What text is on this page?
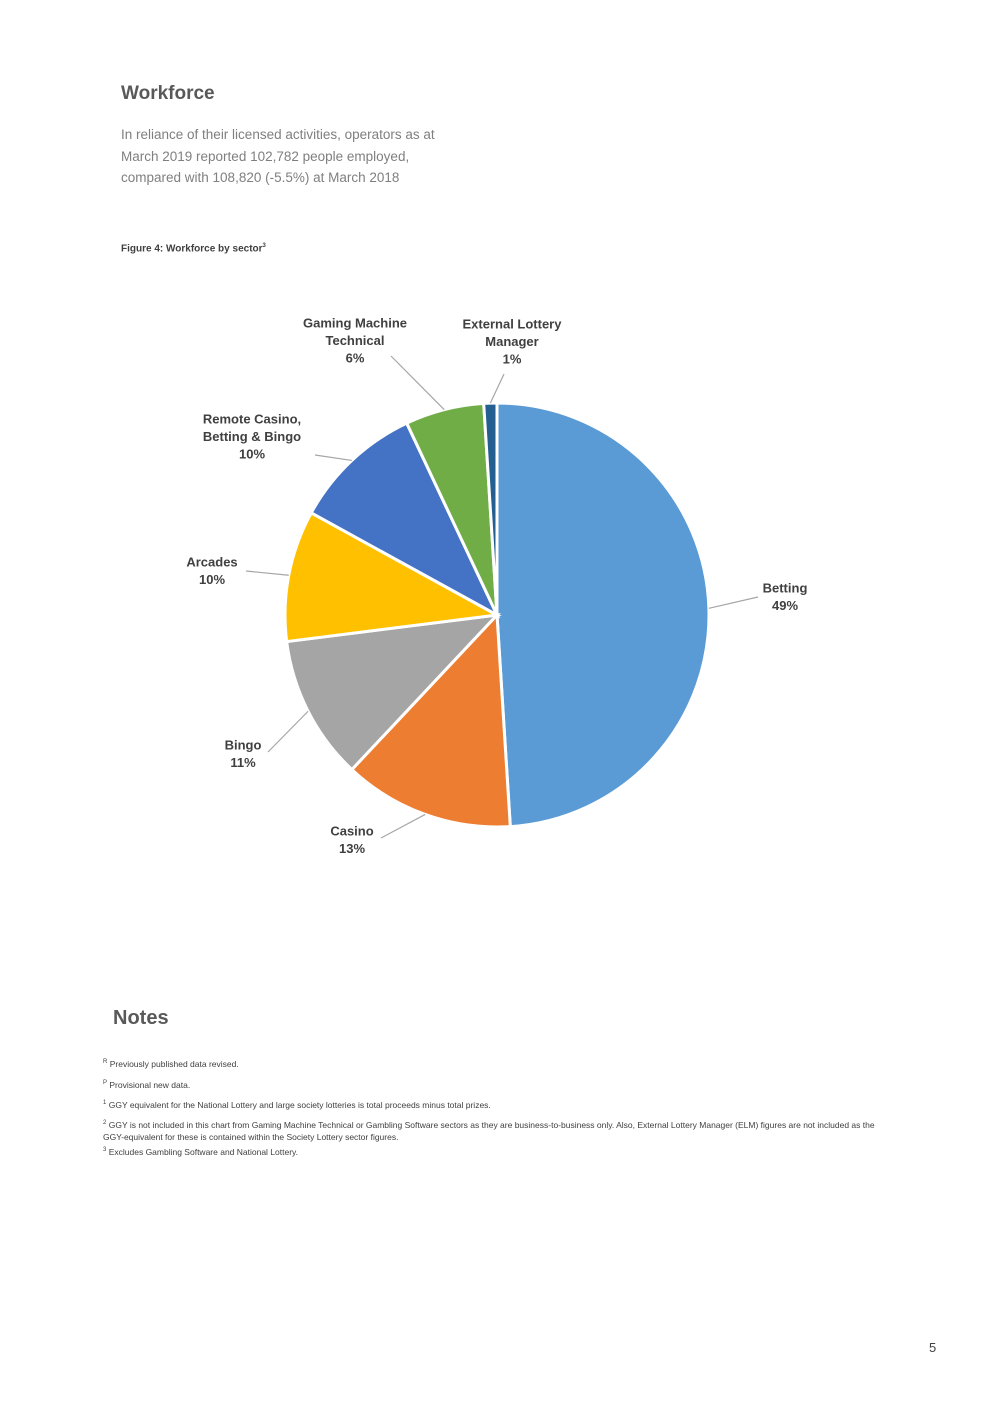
Workforce

In reliance of their licensed activities, operators as at
March 2019 reported 102,782 people employed,
compared with 108,820 (-5.5%) at March 2018

Figure 4: Workforce by sector$^3$
Betting 49%
Casino 13%
Bingo 11%
Arcades 10%
Remote Casino, Betting & Bingo 10%
Gaming Machine Technical 6%
External Lottery Manager 1%
Notes

$^R$ Previously published data revised.

$^P$ Provisional new data.

$^1$ GGY equivalent for the National Lottery and large society lotteries is total proceeds minus total prizes.

$^2$ GGY is not included in this chart from Gaming Machine Technical or Gambling Software sectors as they are business-to-business only. Also, External Lottery Manager (ELM) figures are not included as the GGY-equivalent for these is contained within the Society Lottery sector figures.

$^3$ Excludes Gambling Software and National Lottery.

5
